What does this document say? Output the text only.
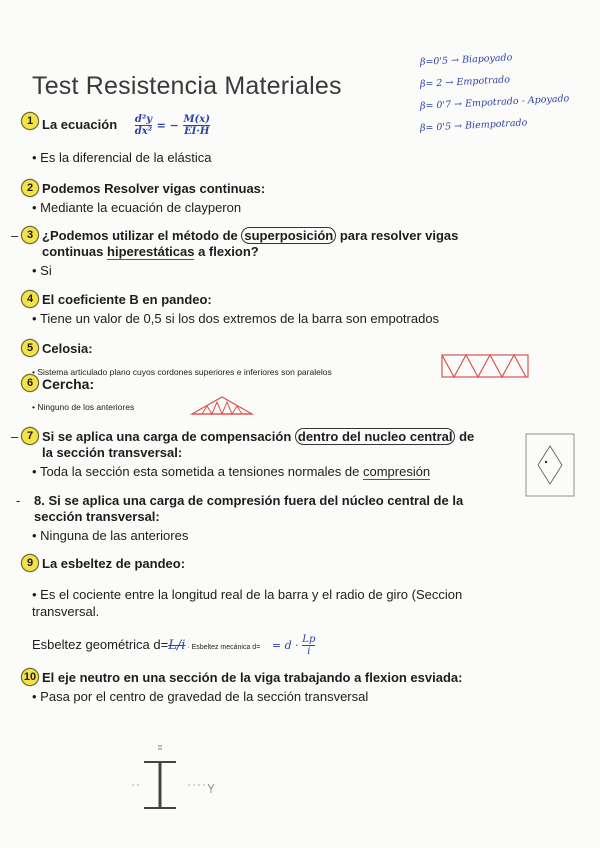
Test Resistencia Materiales
β=0'5 → Biapoyado
β= 2 → Empotrado
β= 0'7 → Empotrado - Apoyado
β= 0'5 → Biempotrado
1 La ecuación $\frac{\text{d²y}}{\text{dx²}}$ = − $\frac{M(x)}{EI\cdot H}$
• Es la diferencial de la elástica
2 Podemos Resolver vigas continuas:
• Mediante la ecuación de clayperon
– 3 ¿Podemos utilizar el método de superposición para resolver vigas
continuas hiperestáticas a flexion?
• Si
4 El coeficiente B en pandeo:
• Tiene un valor de 0,5 si los dos extremos de la barra son empotrados
5 Celosia:
• Sistema articulado plano cuyos cordones superiores e inferiores son paralelos
6 Cercha:
• Ninguno de los anteriores
– 7 Si se aplica una carga de compensación dentro del nucleo central de
la sección transversal:
• Toda la sección esta sometida a tensiones normales de compresión
- 8. Si se aplica una carga de compresión fuera del núcleo central de la
sección transversal:
• Ninguna de las anteriores
9 La esbeltez de pandeo:
• Es el cociente entre la longitud real de la barra y el radio de giro (Seccion
transversal.
Esbeltez geométrica d=L/i · Esbeltez mecánica $d= = d \cdot \frac{Lp}{i}$
10 El eje neutro en una sección de la viga trabajando a flexion esviada:
• Pasa por el centro de gravedad de la sección transversal
